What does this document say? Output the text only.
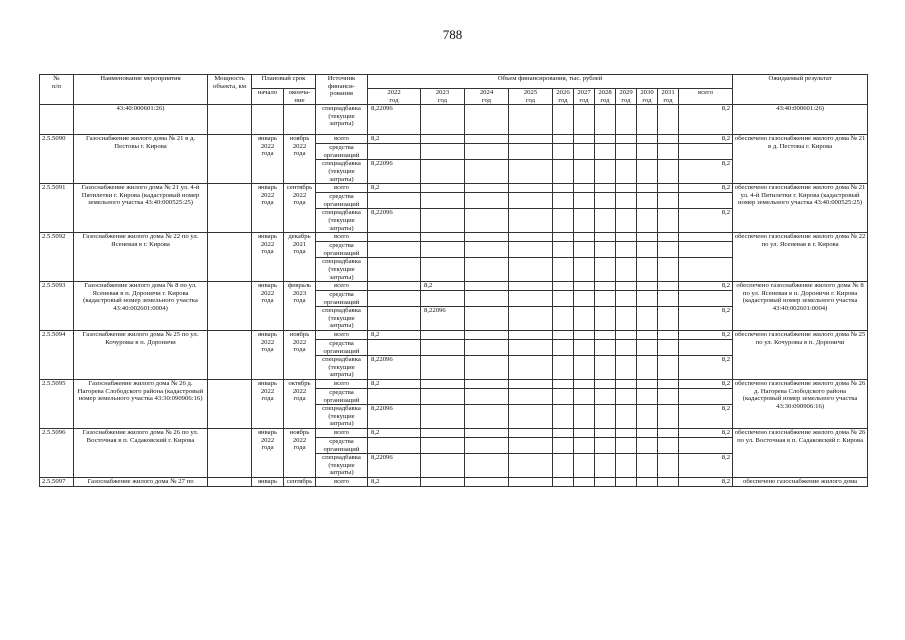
788
№
п/п	Наименование мероприятия	Мощность объекта, км	Плановый срок		Источник финанси-
рования	Объем финансирования, тыс. рублей											Ожидаемый результат
			начало	оконча-
ние		2022
год	2023
год	2024
год	2025
год	2026
год	2027
год	2028
год	2029
год	2030
год	2031
год	всего	
	43:40:000601:26)				спецнадбавка
(текущие
затраты)	8,22096										8,2	43:40:000601:26)
2.5.5090	Газоснабжение жилого дома № 21 в д. Пестовы г. Кирова		январь
2022
года	ноябрь
2022
года	всего	8,2										8,2	обеспечено газоснабжение жилого дома № 21 в д. Пестовы г. Кирова
					средства
организаций												
					спецнадбавка
(текущие
затраты)	8,22096										8,2	
2.5.5091	Газоснабжение жилого дома № 21 ул. 4-й Пятилетки г. Кирова (кадастровый номер земельного участка 43:40:000525:25)		январь
2022
года	сентябрь
2022
года	всего	8,2										8,2	обеспечено газоснабжение жилого дома № 21 ул. 4-й Пятилетки г. Кирова (кадастровый номер земельного участка 43:40:000525:25)
					средства
организаций												
					спецнадбавка
(текущие
затраты)	8,22096										8,2	
2.5.5092	Газоснабжение жилого дома № 22 по ул. Ясеневая в г. Кирова		январь
2022
года	декабрь
2021
года	всего												обеспечено газоснабжение жилого дома № 22 по ул. Ясеневая в г. Кирова
					средства
организаций												
					спецнадбавка
(текущие
затраты)												
2.5.5093	Газоснабжение жилого дома № 8 по ул. Ясеневая в п. Дороничи г. Кирова (кадастровый номер земельного участка 43:40:002601:0004)		январь
2022
года	февраль
2023
года	всего		8,2									8,2	обеспечено газоснабжение жилого дома № 8 по ул. Ясеневая в п. Дороничи г. Кирова (кадастровый номер земельного участка 43:40:002601:0004)
					средства
организаций												
					спецнадбавка
(текущие
затраты)		8,22096									8,2	
2.5.5094	Газоснабжение жилого дома № 25 по ул. Кочуровы в п. Дороничи		январь
2022
года	ноябрь
2022
года	всего	8,2										8,2	обеспечено газоснабжение жилого дома № 25 по ул. Кочуровы в п. Дороничи
					средства
организаций												
					спецнадбавка
(текущие
затраты)	8,22096										8,2	
2.5.5095	Газоснабжение жилого дома № 26 д. Нагорева Слободского района (кадастровый номер земельного участка 43:30:090906:16)		январь
2022
года	октябрь
2022
года	всего	8,2										8,2	обеспечено газоснабжение жилого дома № 26 д. Нагорева Слободского района (кадастровый номер земельного участка 43:30:090906:16)
					средства
организаций												
					спецнадбавка
(текущие
затраты)	8,22096										8,2	
2.5.5096	Газоснабжение жилого дома № 26 по ул. Восточная в п. Садаковский г. Кирова		январь
2022
года	ноябрь
2022
года	всего	8,2										8,2	обеспечено газоснабжение жилого дома № 26 по ул. Восточная в п. Садаковский г. Кирова
					средства
организаций												
					спецнадбавка
(текущие
затраты)	8,22096										8,2	
2.5.5097	Газоснабжение жилого дома № 27 по		январь	сентябрь	всего	8,2										8,2	обеспечено газоснабжение жилого дома
